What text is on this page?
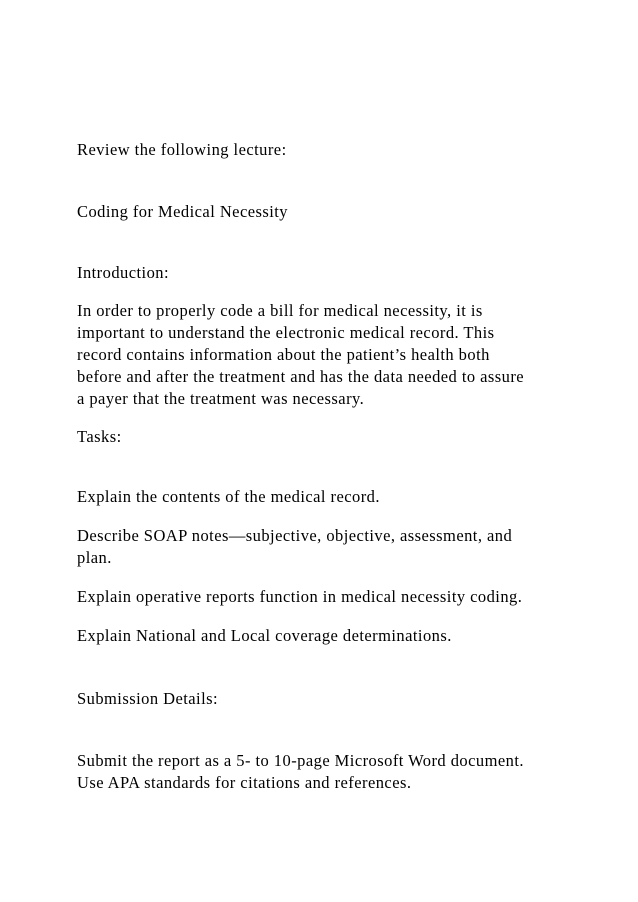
Review the following lecture:
Coding for Medical Necessity
Introduction:
In order to properly code a bill for medical necessity, it is
important to understand the electronic medical record. This
record contains information about the patient’s health both
before and after the treatment and has the data needed to assure
a payer that the treatment was necessary.
Tasks:
Explain the contents of the medical record.
Describe SOAP notes—subjective, objective, assessment, and
plan.
Explain operative reports function in medical necessity coding.
Explain National and Local coverage determinations.
Submission Details:
Submit the report as a 5- to 10-page Microsoft Word document.
Use APA standards for citations and references.
